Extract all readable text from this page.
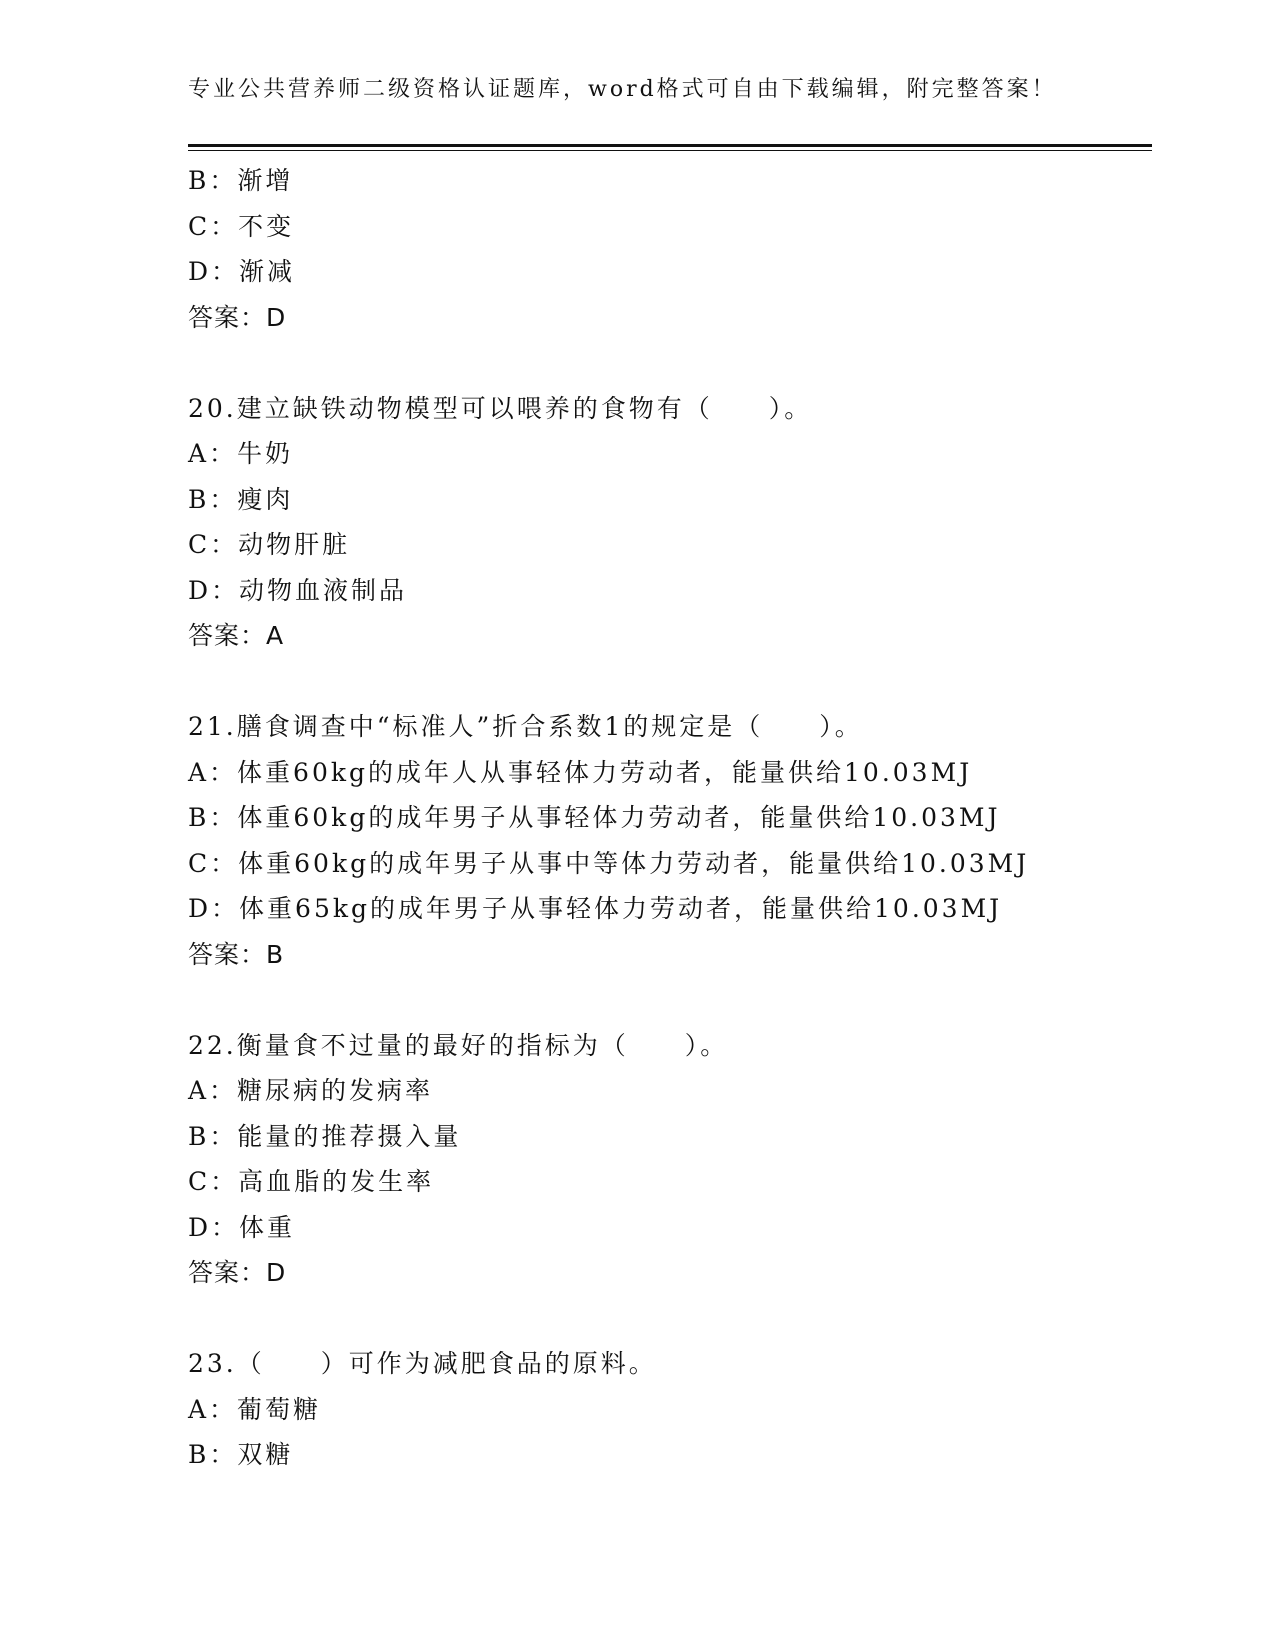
专业公共营养师二级资格认证题库，word格式可自由下载编辑，附完整答案！
B：渐增
C：不变
D：渐减
答案：D
20.建立缺铁动物模型可以喂养的食物有（　　）。
A：牛奶
B：瘦肉
C：动物肝脏
D：动物血液制品
答案：A
21.膳食调查中“标准人”折合系数1的规定是（　　）。
A：体重60kg的成年人从事轻体力劳动者，能量供给10.03MJ
B：体重60kg的成年男子从事轻体力劳动者，能量供给10.03MJ
C：体重60kg的成年男子从事中等体力劳动者，能量供给10.03MJ
D：体重65kg的成年男子从事轻体力劳动者，能量供给10.03MJ
答案：B
22.衡量食不过量的最好的指标为（　　）。
A：糖尿病的发病率
B：能量的推荐摄入量
C：高血脂的发生率
D：体重
答案：D
23.（　　）可作为减肥食品的原料。
A：葡萄糖
B：双糖
